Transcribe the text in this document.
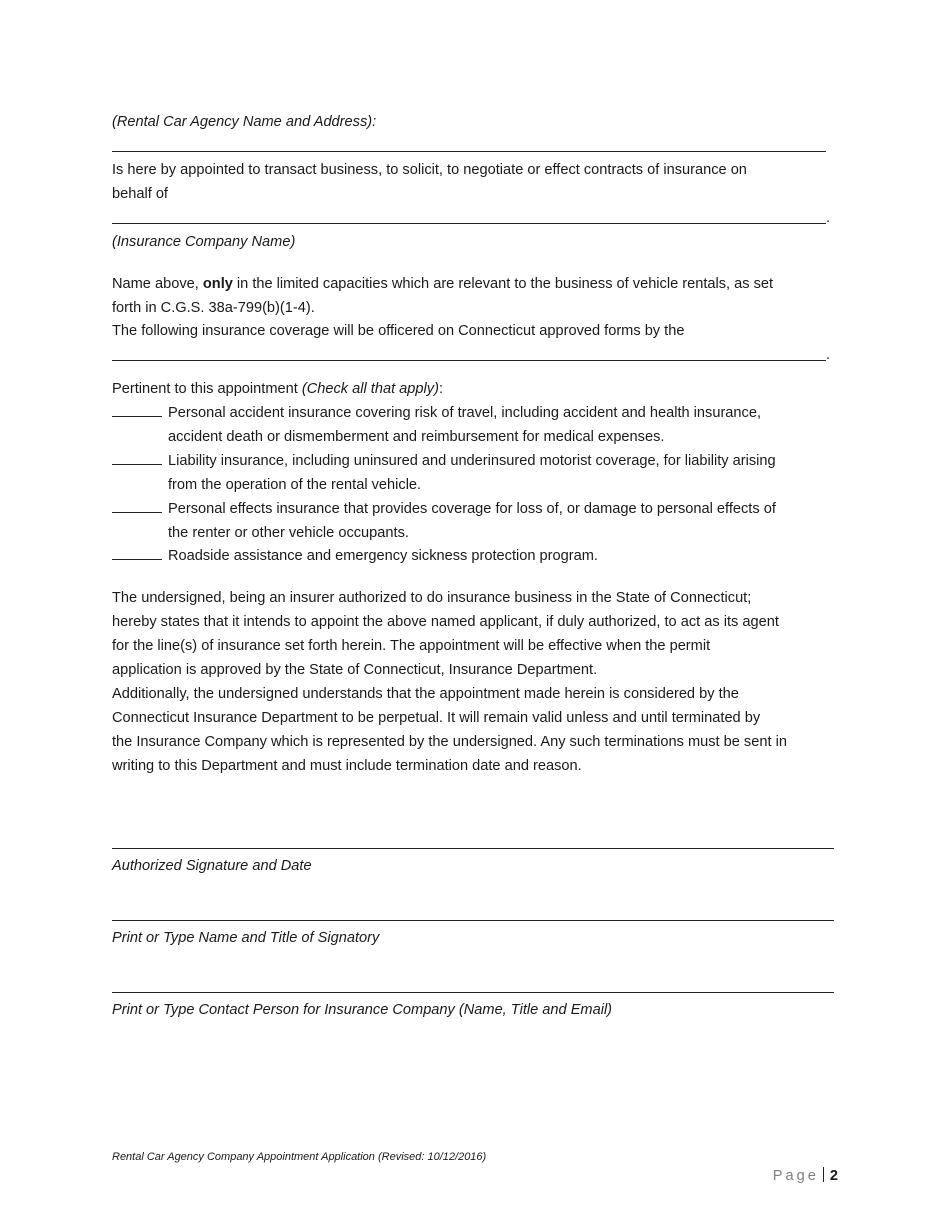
(Rental Car Agency Name and Address):
Is here by appointed to transact business, to solicit, to negotiate or effect contracts of insurance on
behalf of
.
(Insurance Company Name)
Name above, only in the limited capacities which are relevant to the business of vehicle rentals, as set
forth in C.G.S. 38a-799(b)(1-4).
The following insurance coverage will be officered on Connecticut approved forms by the
.
Pertinent to this appointment (Check all that apply):
Personal accident insurance covering risk of travel, including accident and health insurance,
accident death or dismemberment and reimbursement for medical expenses.
Liability insurance, including uninsured and underinsured motorist coverage, for liability arising
from the operation of the rental vehicle.
Personal effects insurance that provides coverage for loss of, or damage to personal effects of
the renter or other vehicle occupants.
Roadside assistance and emergency sickness protection program.
The undersigned, being an insurer authorized to do insurance business in the State of Connecticut;
hereby states that it intends to appoint the above named applicant, if duly authorized, to act as its agent
for the line(s) of insurance set forth herein. The appointment will be effective when the permit
application is approved by the State of Connecticut, Insurance Department.
Additionally, the undersigned understands that the appointment made herein is considered by the
Connecticut Insurance Department to be perpetual. It will remain valid unless and until terminated by
the Insurance Company which is represented by the undersigned. Any such terminations must be sent in
writing to this Department and must include termination date and reason.
Authorized Signature and Date
Print or Type Name and Title of Signatory
Print or Type Contact Person for Insurance Company (Name, Title and Email)
Rental Car Agency Company Appointment Application (Revised: 10/12/2016)
Page 2
